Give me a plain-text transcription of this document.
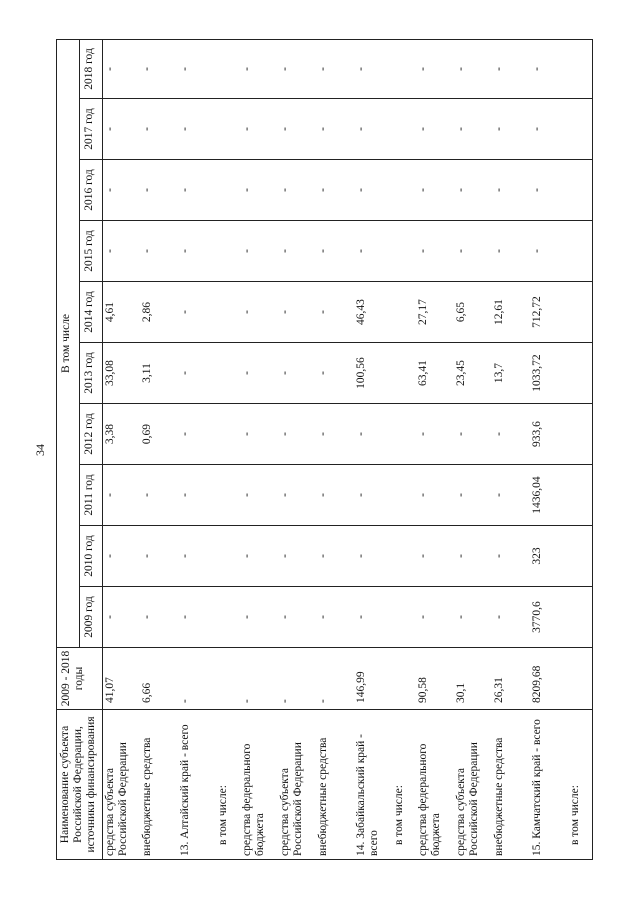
34
Наименование субъекта Российской Федерации, источники финансирования	2009 - 2018 годы	В том числе									
		2009 год	2010 год	2011 год	2012 год	2013 год	2014 год	2015 год	2016 год	2017 год	2018 год
средства субъекта Российской Федерации	41,07	-	-	-	3,38	33,08	4,61	-	-	-	-
внебюджетные средства	6,66	-	-	-	0,69	3,11	2,86	-	-	-	-
13. Алтайский край - всего	-	-	-	-	-	-	-	-	-	-	-
в том числе:											
средства федерального бюджета	-	-	-	-	-	-	-	-	-	-	-
средства субъекта Российской Федерации	-	-	-	-	-	-	-	-	-	-	-
внебюджетные средства	-	-	-	-	-	-	-	-	-	-	-
14. Забайкальский край - всего	146,99	-	-	-	-	100,56	46,43	-	-	-	-
в том числе:											
средства федерального бюджета	90,58	-	-	-	-	63,41	27,17	-	-	-	-
средства субъекта Российской Федерации	30,1	-	-	-	-	23,45	6,65	-	-	-	-
внебюджетные средства	26,31	-	-	-	-	13,7	12,61	-	-	-	-
15. Камчатский край - всего	8209,68	3770,6	323	1436,04	933,6	1033,72	712,72	-	-	-	-
в том числе:											
